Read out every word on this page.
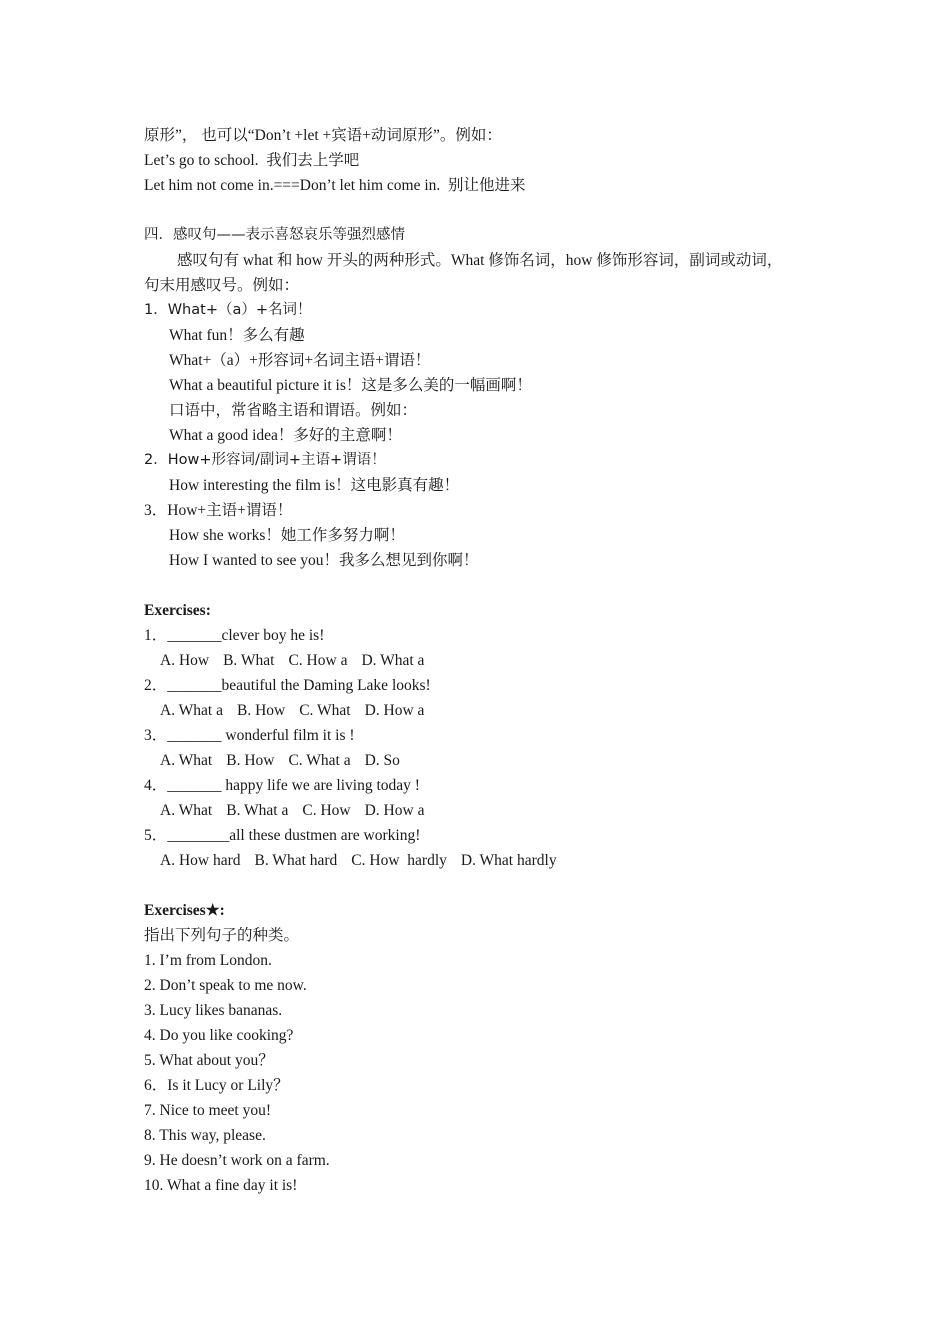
原形”， 也可以“Don’t +let +宾语+动词原形”。例如：
Let’s go to school.  我们去上学吧
Let him not come in.===Don’t let him come in.  别让他进来
四．感叹句——表示喜怒哀乐等强烈感情
感叹句有 what 和 how 开头的两种形式。What 修饰名词，how 修饰形容词，副词或动词，
句末用感叹号。例如：
1．What+（a）+名词！
What fun！多么有趣
What+（a）+形容词+名词主语+谓语！
What a beautiful picture it is！这是多么美的一幅画啊！
口语中，常省略主语和谓语。例如：
What a good idea！多好的主意啊！
2．How+形容词/副词+主语+谓语！
How interesting the film is！这电影真有趣！
3．How+主语+谓语！
How she works！她工作多努力啊！
How I wanted to see you！我多么想见到你啊！
Exercises:
1．_______clever boy he is!
A. How B. What C. How a D. What a
2．_______beautiful the Daming Lake looks!
A. What a B. How C. What D. How a
3．_______ wonderful film it is !
A. What B. How C. What a D. So
4．_______ happy life we are living today !
A. What B. What a C. How D. How a
5．________all these dustmen are working!
A. How hard B. What hard C. How  hardly D. What hardly
Exercises★:
指出下列句子的种类。
1. I’m from London.
2. Don’t speak to me now.
3. Lucy likes bananas.
4. Do you like cooking?
5. What about you？
6．Is it Lucy or Lily？
7. Nice to meet you!
8. This way, please.
9. He doesn’t work on a farm.
10. What a fine day it is!
